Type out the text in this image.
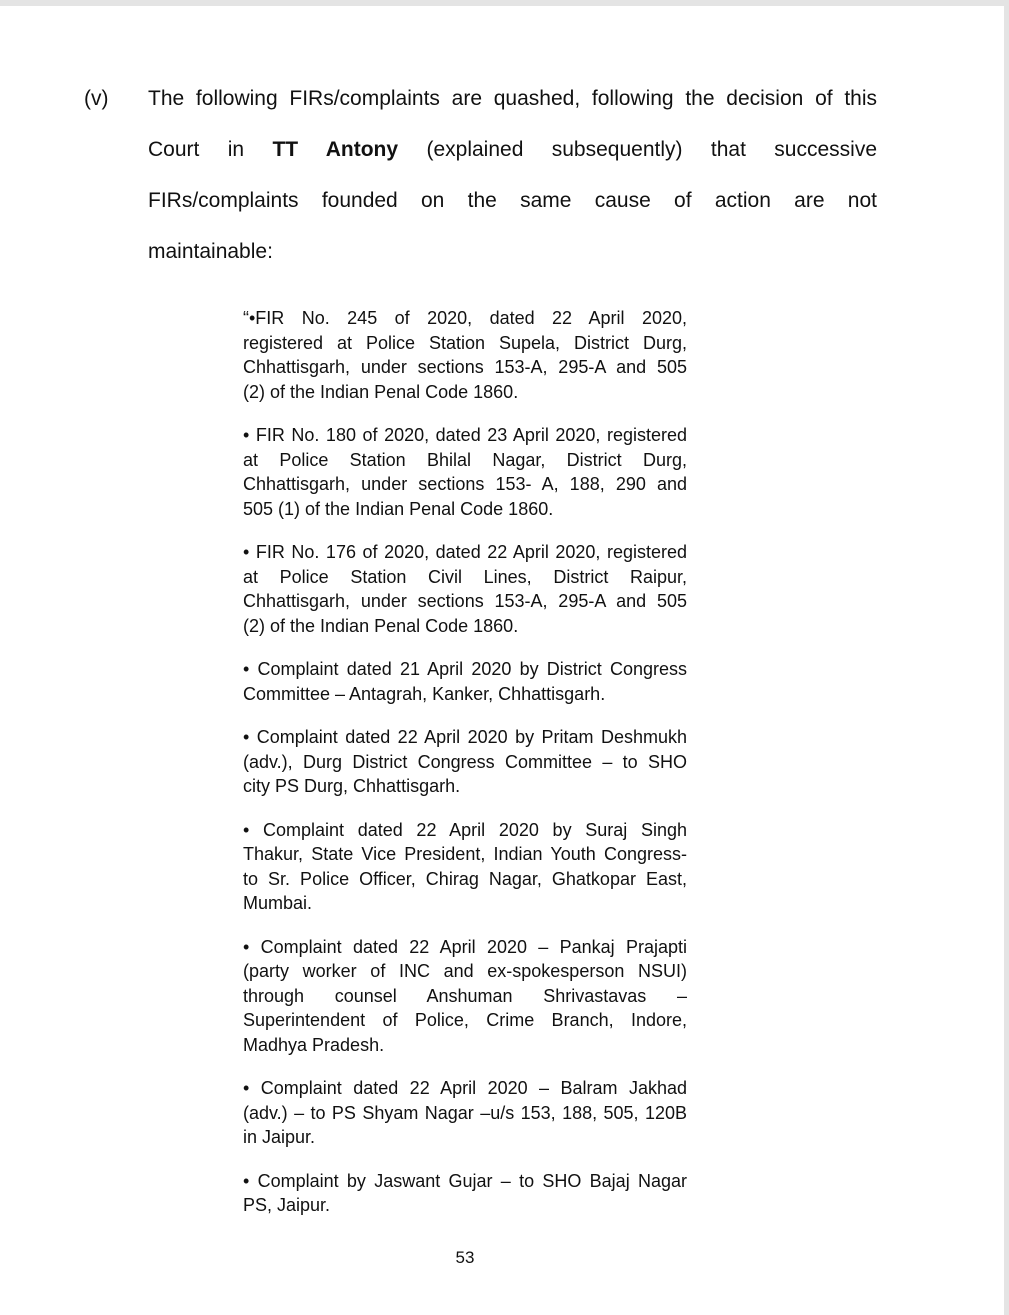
(v) The following FIRs/complaints are quashed, following the decision of this
Court in TT Antony (explained subsequently) that successive
FIRs/complaints founded on the same cause of action are not
maintainable:
“•FIR No. 245 of 2020, dated 22 April 2020,
registered at Police Station Supela, District Durg,
Chhattisgarh, under sections 153-A, 295-A and 505
(2) of the Indian Penal Code 1860.
• FIR No. 180 of 2020, dated 23 April 2020, registered
at Police Station Bhilal Nagar, District Durg,
Chhattisgarh, under sections 153- A, 188, 290 and
505 (1) of the Indian Penal Code 1860.
• FIR No. 176 of 2020, dated 22 April 2020, registered
at Police Station Civil Lines, District Raipur,
Chhattisgarh, under sections 153-A, 295-A and 505
(2) of the Indian Penal Code 1860.
• Complaint dated 21 April 2020 by District Congress
Committee – Antagrah, Kanker, Chhattisgarh.
• Complaint dated 22 April 2020 by Pritam Deshmukh
(adv.), Durg District Congress Committee – to SHO
city PS Durg, Chhattisgarh.
• Complaint dated 22 April 2020 by Suraj Singh
Thakur, State Vice President, Indian Youth Congress-
to Sr. Police Officer, Chirag Nagar, Ghatkopar East,
Mumbai.
• Complaint dated 22 April 2020 – Pankaj Prajapti
(party worker of INC and ex-spokesperson NSUI)
through counsel Anshuman Shrivastavas –
Superintendent of Police, Crime Branch, Indore,
Madhya Pradesh.
• Complaint dated 22 April 2020 – Balram Jakhad
(adv.) – to PS Shyam Nagar –u/s 153, 188, 505, 120B
in Jaipur.
• Complaint by Jaswant Gujar – to SHO Bajaj Nagar
PS, Jaipur.
53
